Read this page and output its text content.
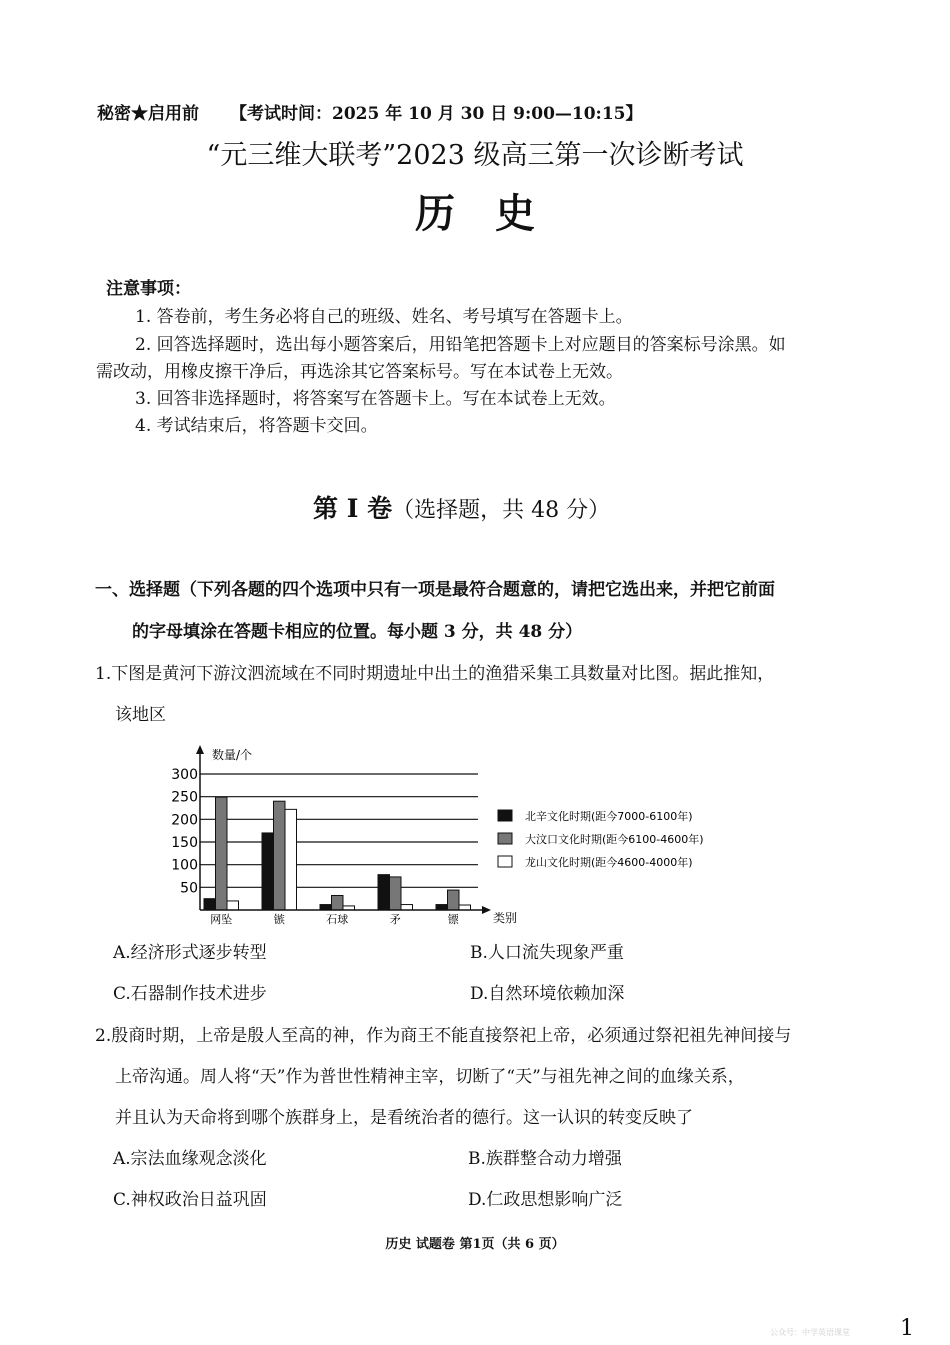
秘密★启用前 【考试时间：2025 年 10 月 30 日 9:00—10:15】
“元三维大联考”2023 级高三第一次诊断考试
历　史
注意事项：
1. 答卷前，考生务必将自己的班级、姓名、考号填写在答题卡上。
2. 回答选择题时，选出每小题答案后，用铅笔把答题卡上对应题目的答案标号涂黑。如
需改动，用橡皮擦干净后，再选涂其它答案标号。写在本试卷上无效。
3. 回答非选择题时，将答案写在答题卡上。写在本试卷上无效。
4. 考试结束后，将答题卡交回。
第 I 卷（选择题，共 48 分）
一、选择题（下列各题的四个选项中只有一项是最符合题意的，请把它选出来，并把它前面
的字母填涂在答题卡相应的位置。每小题 3 分，共 48 分）
1.下图是黄河下游汶泗流域在不同时期遗址中出土的渔猎采集工具数量对比图。据此推知，
该地区
50
100
150
200
250
300
网坠	镞	石球	矛	镖
北辛文化时期(距今7000-6100年)
大汶口文化时期(距今6100-4600年)
龙山文化时期(距今4600-4000年)
数量/个
类别
A.经济形式逐步转型	B.人口流失现象严重
C.石器制作技术进步	D.自然环境依赖加深
2.殷商时期，上帝是殷人至高的神，作为商王不能直接祭祀上帝，必须通过祭祀祖先神间接与
上帝沟通。周人将“天”作为普世性精神主宰，切断了“天”与祖先神之间的血缘关系，
并且认为天命将到哪个族群身上，是看统治者的德行。这一认识的转变反映了
A.宗法血缘观念淡化	B.族群整合动力增强
C.神权政治日益巩固	D.仁政思想影响广泛
历史 试题卷 第1页（共 6 页）
公众号：中学英语课堂 1
